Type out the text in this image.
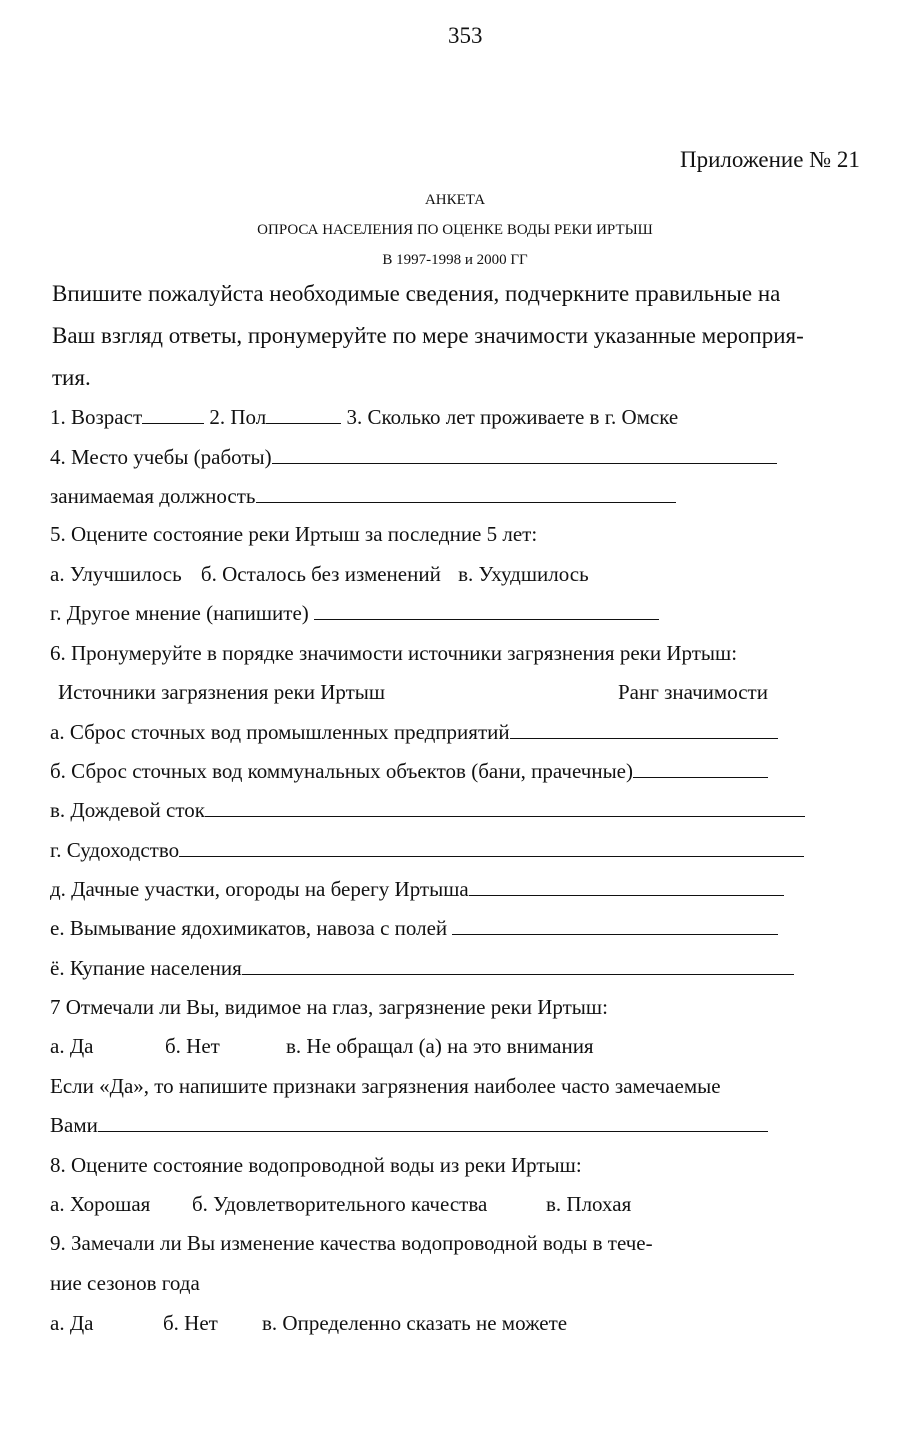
353
Приложение № 21
АНКЕТА
ОПРОСА НАСЕЛЕНИЯ ПО ОЦЕНКЕ ВОДЫ РЕКИ ИРТЫШ
В 1997-1998 и 2000 ГГ
Впишите пожалуйста необходимые сведения, подчеркните правильные на
Ваш взгляд ответы, пронумеруйте по мере значимости указанные мероприя-
тия.
1. Возраст	2. Пол	3. Сколько лет проживаете в г. Омске
4. Место учебы (работы)
занимаемая должность
5. Оцените состояние реки Иртыш за последние 5 лет:
а. Улучшилось б. Осталось без изменений в. Ухудшилось
г. Другое мнение (напишите)
6. Пронумеруйте в порядке значимости источники загрязнения реки Иртыш:
Источники загрязнения реки Иртыш	Ранг значимости
а. Сброс сточных вод промышленных предприятий
б. Сброс сточных вод коммунальных объектов (бани, прачечные)
в. Дождевой сток
г. Судоходство
д. Дачные участки, огороды на берегу Иртыша
е. Вымывание ядохимикатов, навоза с полей
ё. Купание населения
7 Отмечали ли Вы, видимое на глаз, загрязнение реки Иртыш:
а. Да	б. Нет	в. Не обращал (а) на это внимания
Если «Да», то напишите признаки загрязнения наиболее часто замечаемые
Вами
8. Оцените состояние водопроводной воды из реки Иртыш:
а. Хорошая б. Удовлетворительного качества	в. Плохая
9. Замечали ли Вы изменение качества водопроводной воды в тече-
ние сезонов года
а. Да	б. Нет в. Определенно сказать не можете
